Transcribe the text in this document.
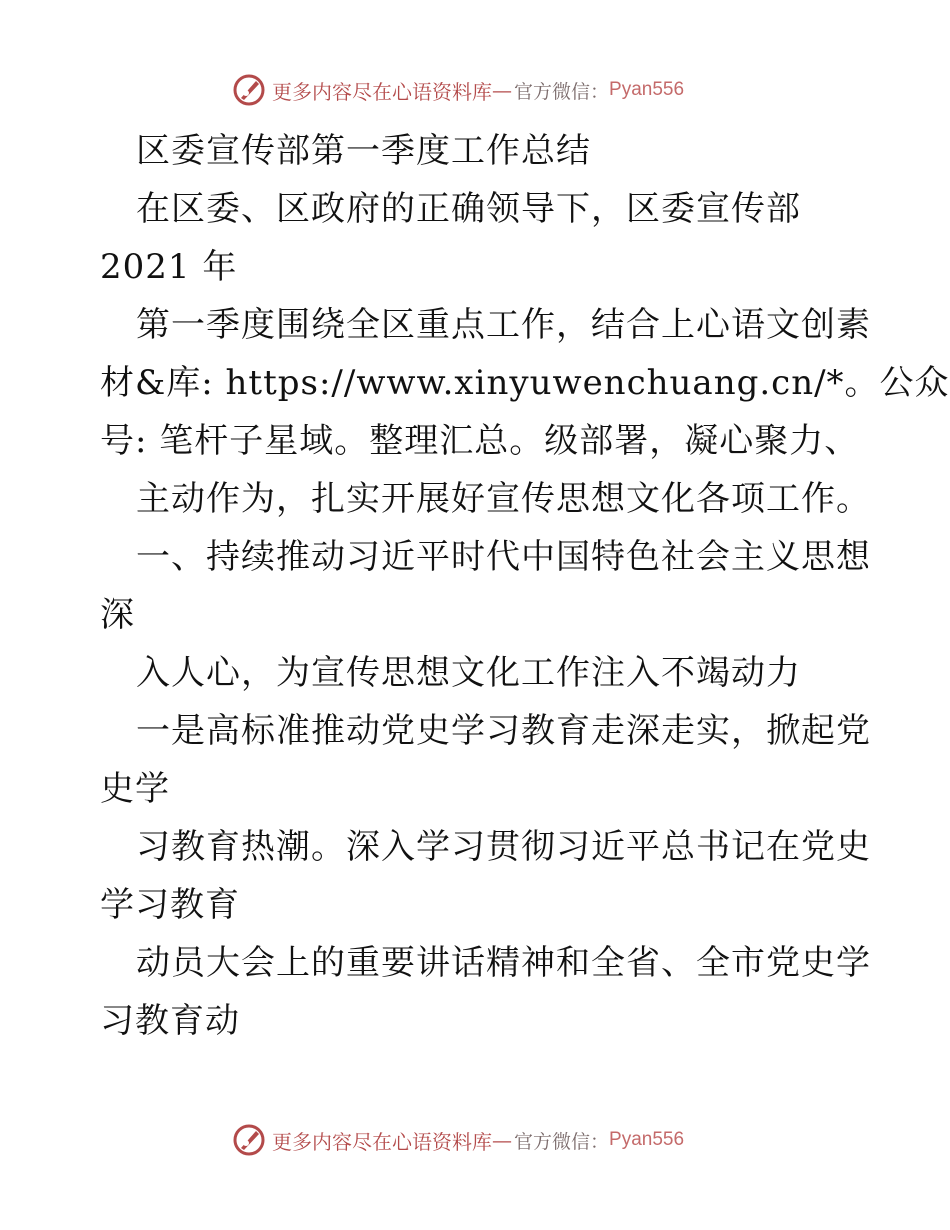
更多内容尽在心语资料库 — 官方微信： Pyan556
区委宣传部第一季度工作总结
在区委、区政府的正确领导下，区委宣传部
2021 年
第一季度围绕全区重点工作，结合上心语文创素
材&库: https://www.xinyuwenchuang.cn/*。公众
号: 笔杆子星域。整理汇总。级部署，凝心聚力、
主动作为，扎实开展好宣传思想文化各项工作。
一、持续推动习近平时代中国特色社会主义思想
深
入人心，为宣传思想文化工作注入不竭动力
一是高标准推动党史学习教育走深走实，掀起党
史学
习教育热潮。深入学习贯彻习近平总书记在党史
学习教育
动员大会上的重要讲话精神和全省、全市党史学
习教育动
更多内容尽在心语资料库 — 官方微信： Pyan556
